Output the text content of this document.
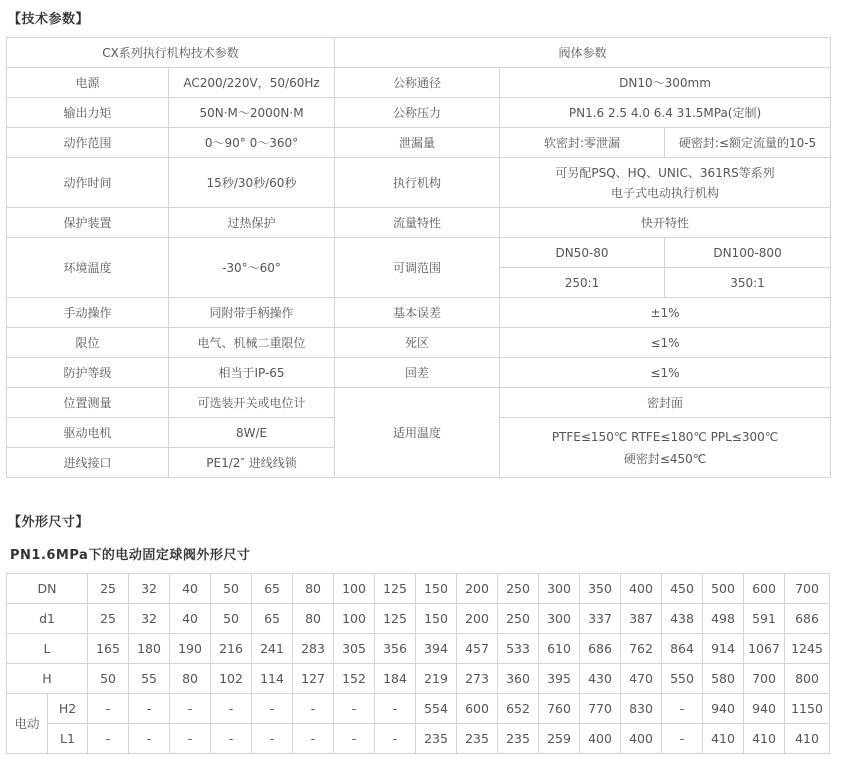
【技术参数】
CX系列执行机构技术参数		阀体参数		
电源	AC200/220V，50/60Hz	公称通径	DN10～300mm	
输出力矩	50N·M～2000N·M	公称压力	PN1.6 2.5 4.0 6.4 31.5MPa(定制)	
动作范围	0～90° 0～360°	泄漏量	软密封:零泄漏	硬密封:≤额定流量的10-5
动作时间	15秒/30秒/60秒	执行机构	可另配PSQ、HQ、UNIC、361RS等系列
电子式电动执行机构	

保护装置	过热保护	流量特性	快开特性	
环境温度	-30°～60°	可调范围	DN50-80	DN100-800
			250:1	350:1
手动操作	同附带手柄操作	基本误差	±1%	
限位	电气、机械二重限位	死区	≤1%	
防护等级	相当于IP-65	回差	≤1%	
位置测量	可选装开关或电位计	适用温度	密封面	
驱动电机	8W/E		PTFE≤150℃ RTFE≤180℃ PPL≤300℃
硬密封≤450℃	

进线接口	PE1/2″ 进线线锁			
【外形尺寸】
PN1.6MPa下的电动固定球阀外形尺寸
DN		25	32	40	50	65	80	100	125	150	200	250	300	350	400	450	500	600	700
d1		25	32	40	50	65	80	100	125	150	200	250	300	337	387	438	498	591	686
L		165	180	190	216	241	283	305	356	394	457	533	610	686	762	864	914	1067	1245
H		50	55	80	102	114	127	152	184	219	273	360	395	430	470	550	580	700	800
电动	H2	-	-	-	-	-	-	-	-	554	600	652	760	770	830	-	940	940	1150
	L1	-	-	-	-	-	-	-	-	235	235	235	259	400	400	-	410	410	410
